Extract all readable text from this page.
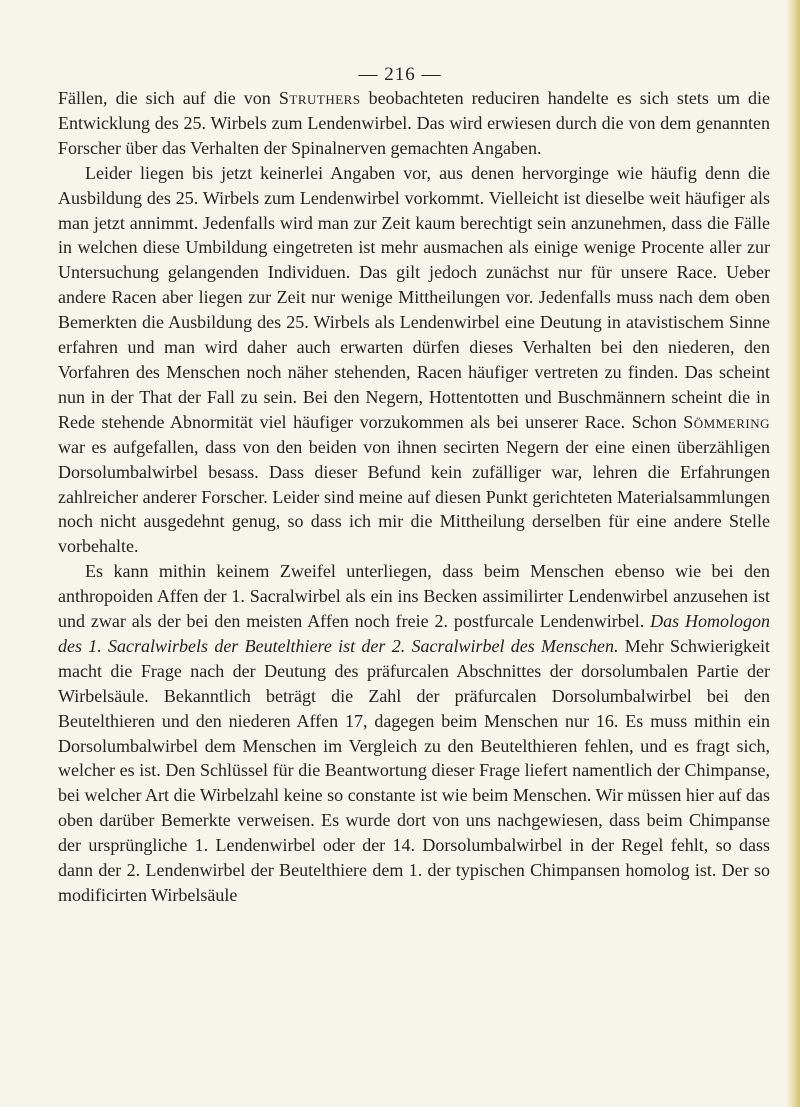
— 216 —

Fällen, die sich auf die von Struthers beobachteten reduciren handelte es sich stets um die Entwicklung des 25. Wirbels zum Lendenwirbel. Das wird erwiesen durch die von dem genannten Forscher über das Verhalten der Spinalnerven gemachten Angaben.

Leider liegen bis jetzt keinerlei Angaben vor, aus denen hervorginge wie häufig denn die Ausbildung des 25. Wirbels zum Lendenwirbel vorkommt. Vielleicht ist dieselbe weit häufiger als man jetzt annimmt. Jedenfalls wird man zur Zeit kaum berechtigt sein anzunehmen, dass die Fälle in welchen diese Umbildung eingetreten ist mehr ausmachen als einige wenige Procente aller zur Untersuchung gelangenden Individuen. Das gilt jedoch zunächst nur für unsere Race. Ueber andere Racen aber liegen zur Zeit nur wenige Mittheilungen vor. Jedenfalls muss nach dem oben Bemerkten die Ausbildung des 25. Wirbels als Lendenwirbel eine Deutung in atavistischem Sinne erfahren und man wird daher auch erwarten dürfen dieses Verhalten bei den niederen, den Vorfahren des Menschen noch näher stehenden, Racen häufiger vertreten zu finden. Das scheint nun in der That der Fall zu sein. Bei den Negern, Hottentotten und Buschmännern scheint die in Rede stehende Abnormität viel häufiger vorzukommen als bei unserer Race. Schon Sömmering war es aufgefallen, dass von den beiden von ihnen secirten Negern der eine einen überzähligen Dorsolumbalwirbel besass. Dass dieser Befund kein zufälliger war, lehren die Erfahrungen zahlreicher anderer Forscher. Leider sind meine auf diesen Punkt gerichteten Materialsammlungen noch nicht ausgedehnt genug, so dass ich mir die Mittheilung derselben für eine andere Stelle vorbehalte.

Es kann mithin keinem Zweifel unterliegen, dass beim Menschen ebenso wie bei den anthropoiden Affen der 1. Sacralwirbel als ein ins Becken assimilirter Lendenwirbel anzusehen ist und zwar als der bei den meisten Affen noch freie 2. postfurcale Lendenwirbel. Das Homologon des 1. Sacralwirbels der Beutelthiere ist der 2. Sacralwirbel des Menschen. Mehr Schwierigkeit macht die Frage nach der Deutung des präfurcalen Abschnittes der dorsolumbalen Partie der Wirbelsäule. Bekanntlich beträgt die Zahl der präfurcalen Dorsolumbalwirbel bei den Beutelthieren und den niederen Affen 17, dagegen beim Menschen nur 16. Es muss mithin ein Dorsolumbalwirbel dem Menschen im Vergleich zu den Beutelthieren fehlen, und es fragt sich, welcher es ist. Den Schlüssel für die Beantwortung dieser Frage liefert namentlich der Chimpanse, bei welcher Art die Wirbelzahl keine so constante ist wie beim Menschen. Wir müssen hier auf das oben darüber Bemerkte verweisen. Es wurde dort von uns nachgewiesen, dass beim Chimpanse der ursprüngliche 1. Lendenwirbel oder der 14. Dorsolumbalwirbel in der Regel fehlt, so dass dann der 2. Lendenwirbel der Beutelthiere dem 1. der typischen Chimpansen homolog ist. Der so modificirten Wirbelsäule
